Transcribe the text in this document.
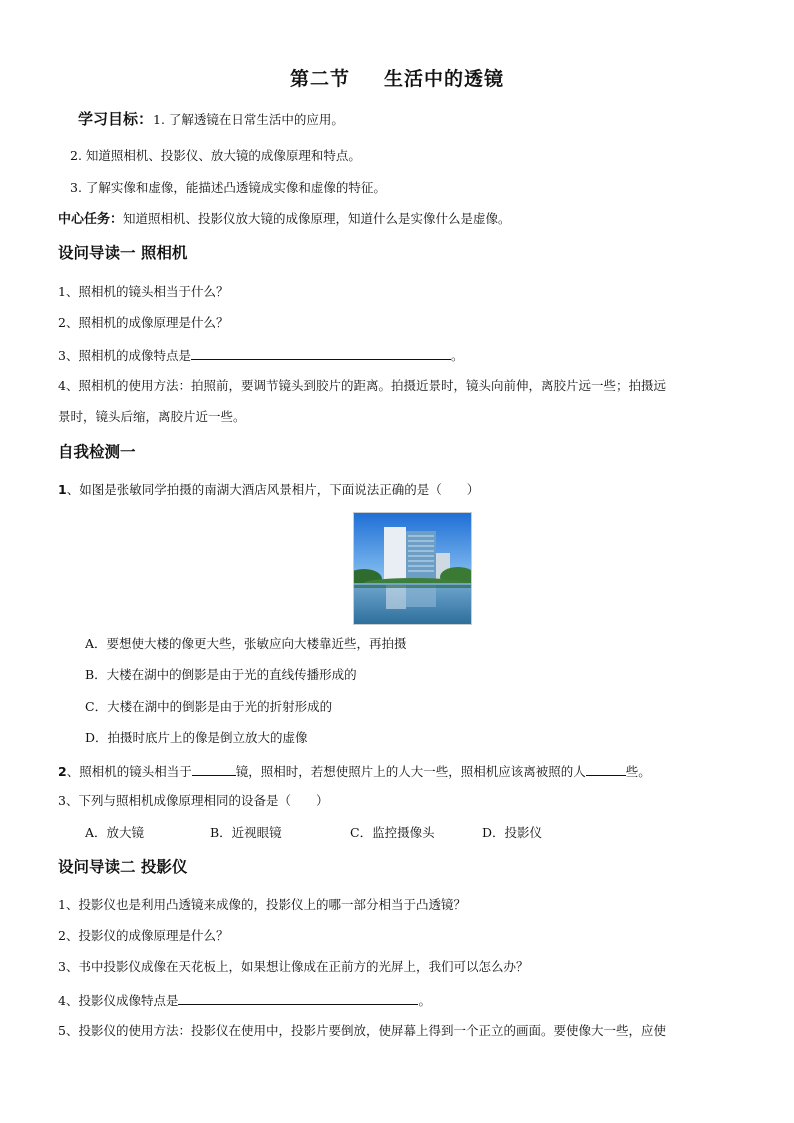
第二节 生活中的透镜
学习目标：1. 了解透镜在日常生活中的应用。
2. 知道照相机、投影仪、放大镜的成像原理和特点。
3. 了解实像和虚像，能描述凸透镜成实像和虚像的特征。
中心任务：知道照相机、投影仪放大镜的成像原理，知道什么是实像什么是虚像。
设问导读一 照相机
1、照相机的镜头相当于什么？
2、照相机的成像原理是什么？
3、照相机的成像特点是	。
4、照相机的使用方法：拍照前，要调节镜头到胶片的距离。拍摄近景时，镜头向前伸，离胶片远一些；拍摄远
景时，镜头后缩，离胶片近一些。
自我检测一
1、如图是张敏同学拍摄的南湖大酒店风景相片，下面说法正确的是（　　）
A．要想使大楼的像更大些，张敏应向大楼靠近些，再拍摄
B．大楼在湖中的倒影是由于光的直线传播形成的
C．大楼在湖中的倒影是由于光的折射形成的
D．拍摄时底片上的像是倒立放大的虚像
2、照相机的镜头相当于	镜，照相时，若想使照片上的人大一些，照相机应该离被照的人	些。
3、下列与照相机成像原理相同的设备是（　　）
A．放大镜	B．近视眼镜	C．监控摄像头	D．投影仪
设问导读二 投影仪
1、投影仪也是利用凸透镜来成像的，投影仪上的哪一部分相当于凸透镜？
2、投影仪的成像原理是什么？
3、书中投影仪成像在天花板上，如果想让像成在正前方的光屏上，我们可以怎么办？
4、投影仪成像特点是	。
5、投影仪的使用方法：投影仪在使用中，投影片要倒放，使屏幕上得到一个正立的画面。要使像大一些，应使
